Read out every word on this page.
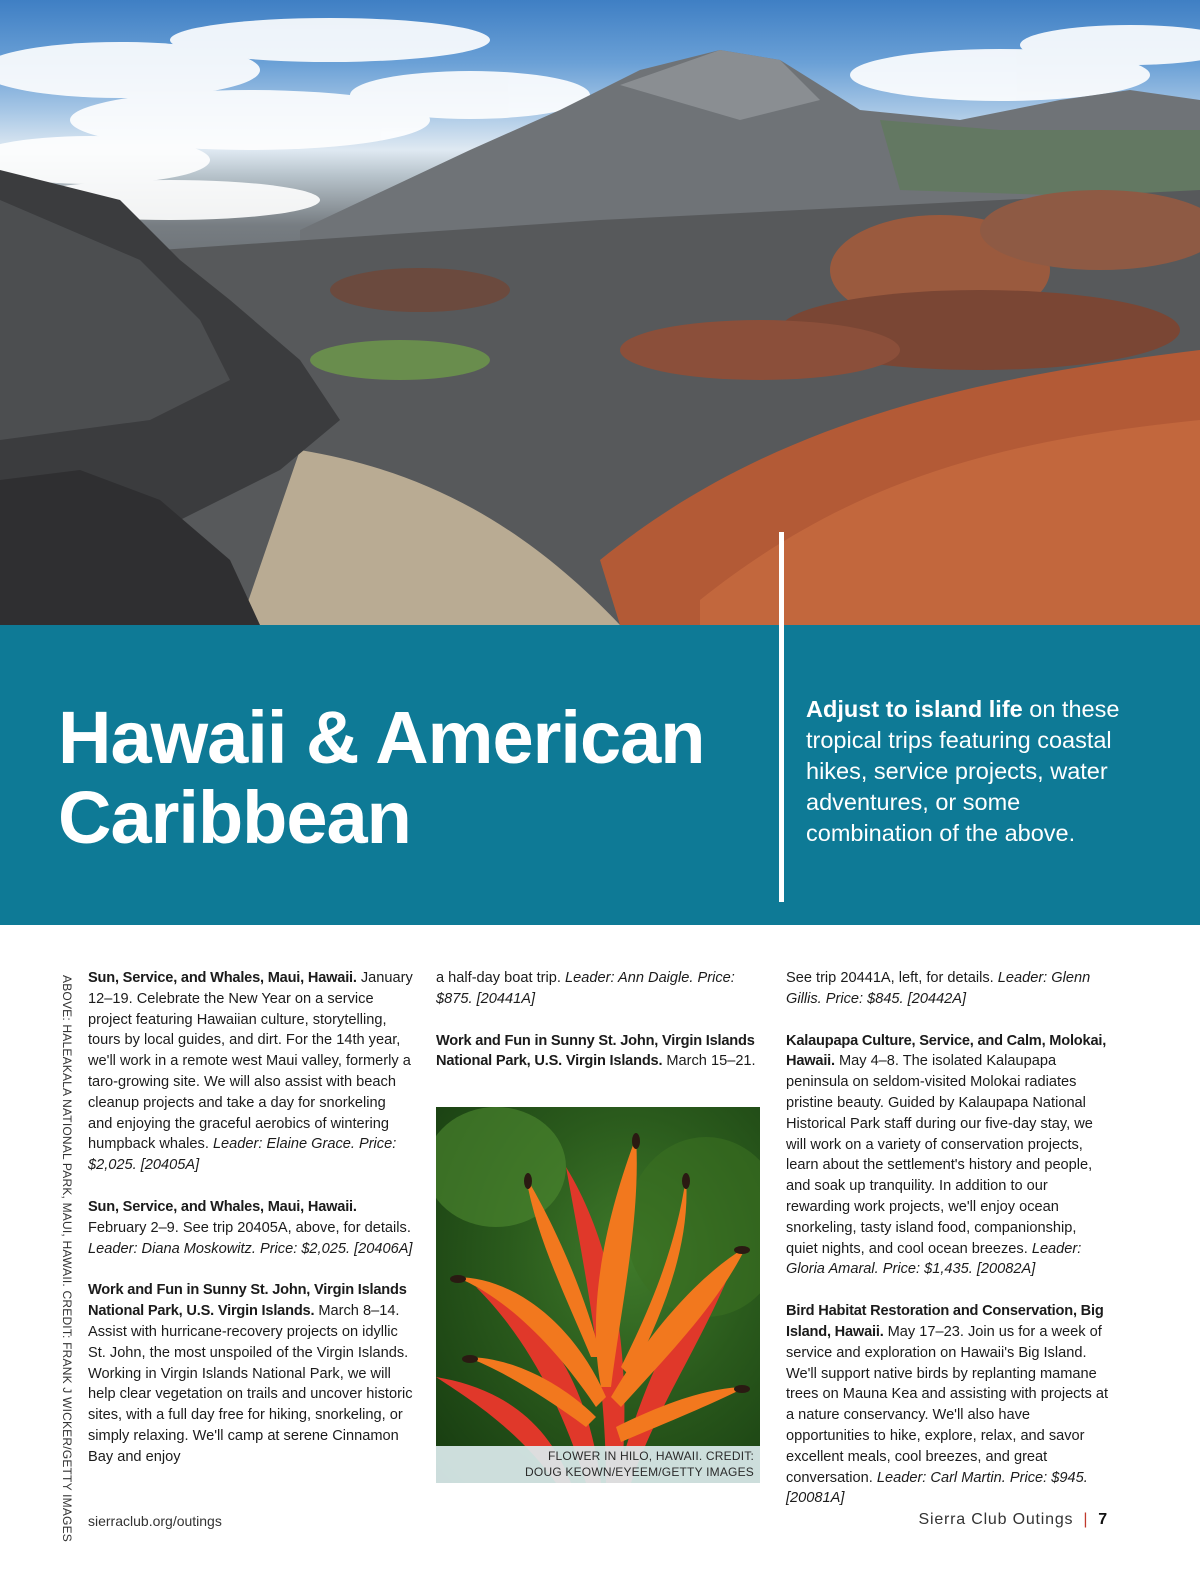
Hawaii & American Caribbean

Adjust to island life on these tropical trips featuring coastal hikes, service projects, water adventures, or some combination of the above.

ABOVE: HALEAKALA NATIONAL PARK, MAUI, HAWAII. CREDIT: FRANK J WICKER/GETTY IMAGES Sun, Service, and Whales, Maui, Hawaii. January 12–19. Celebrate the New Year on a service project featuring Hawaiian culture, storytelling, tours by local guides, and dirt. For the 14th year, we'll work in a remote west Maui valley, formerly a taro-growing site. We will also assist with beach cleanup projects and take a day for snorkeling and enjoying the graceful aerobics of wintering humpback whales. Leader: Elaine Grace. Price: $2,025. [20405A]

Sun, Service, and Whales, Maui, Hawaii. February 2–9. See trip 20405A, above, for details. Leader: Diana Moskowitz. Price: $2,025. [20406A]

Work and Fun in Sunny St. John, Virgin Islands National Park, U.S. Virgin Islands. March 8–14. Assist with hurricane-recovery projects on idyllic St. John, the most unspoiled of the Virgin Islands. Working in Virgin Islands National Park, we will help clear vegetation on trails and uncover historic sites, with a full day free for hiking, snorkeling, or simply relaxing. We'll camp at serene Cinnamon Bay and enjoy

a half-day boat trip. Leader: Ann Daigle. Price: $875. [20441A]

Work and Fun in Sunny St. John, Virgin Islands National Park, U.S. Virgin Islands. March 15–21.

FLOWER IN HILO, HAWAII. CREDIT:
DOUG KEOWN/EYEEM/GETTY IMAGES

See trip 20441A, left, for details. Leader: Glenn Gillis. Price: $845. [20442A]

Kalaupapa Culture, Service, and Calm, Molokai, Hawaii. May 4–8. The isolated Kalaupapa peninsula on seldom-visited Molokai radiates pristine beauty. Guided by Kalaupapa National Historical Park staff during our five-day stay, we will work on a variety of conservation projects, learn about the settlement's history and people, and soak up tranquility. In addition to our rewarding work projects, we'll enjoy ocean snorkeling, tasty island food, companionship, quiet nights, and cool ocean breezes. Leader: Gloria Amaral. Price: $1,435. [20082A]

Bird Habitat Restoration and Conservation, Big Island, Hawaii. May 17–23. Join us for a week of service and exploration on Hawaii's Big Island. We'll support native birds by replanting mamane trees on Mauna Kea and assisting with projects at a nature conservancy. We'll also have opportunities to hike, explore, relax, and savor excellent meals, cool breezes, and great conversation. Leader: Carl Martin. Price: $945. [20081A]

sierraclub.org/outings	Sierra Club Outings | 7
